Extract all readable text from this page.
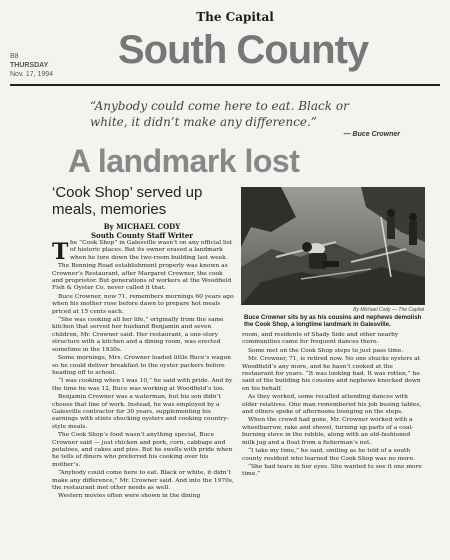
The Capital
B8
THURSDAY
Nov. 17, 1994
South County
“Anybody could come here to eat. Black or white, it didn’t make any difference.”
— Buce Crowner
A landmark lost
‘Cook Shop’ served up meals, memories
By MICHAEL CODY
South County Staff Writer
T he “Cook Shop” in Galesville wasn’t on any official list of historic places. But its owner erased a landmark when he tore down the two-room building last week.

The Benning Road establishment properly was known as Crowner’s Restaurant, after Margaret Crowner, the cook and proprietor. But generations of workers at the Woodfield Fish & Oyster Co. never called it that.

Buce Crowner, now 71, remembers mornings 60 years ago when his mother rose before dawn to prepare hot meals priced at 15 cents each.

“She was cooking all her life,” originally from the same kitchen that served her husband Benjamin and seven children, Mr. Crowner said. Her restaurant, a one-story structure with a kitchen and a dining room, was erected sometime in the 1930s.

Some mornings, Mrs. Crowner loaded little Buce’s wagon so he could deliver breakfast to the oyster packers before heading off to school.

“I was cooking when I was 10,” he said with pride. And by the time he was 12, Buce was working at Woodfield’s too.

Benjamin Crowner was a waterman, but his son didn’t choose that line of work. Instead, he was employed by a Galesville contractor for 30 years, supplementing his earnings with stints shucking oysters and cooking country-style meals.

The Cook Shop’s food wasn’t anything special, Buce Crowner said — just chicken and pork, corn, cabbage and potatoes, and cakes and pies. But he swells with pride when he tells of diners who preferred his cooking over his mother’s.

“Anybody could come here to eat. Black or white, it didn’t make any difference,” Mr. Crowner said. And into the 1970s, the restaurant met other needs as well.

Western movies often were shown in the dining

By Michael Cody — The Capital
Buce Crowner sits by as his cousins and nephews demolish the Cook Shop, a longtime landmark in Galesville.

room, and residents of Shady Side and other nearby communities came for frequent dances there.

Some met on the Cook Shop steps to just pass time.

Mr. Crowner, 71, is retired now. No one shucks oysters at Woodfield’s any more, and he hasn’t cooked at the restaurant for years. “It was looking bad. It was rotten,” he said of the building his cousins and nephews knocked down on his behalf.

As they worked, some recalled attending dances with older relatives. One man remembered his job busing tables, and others spoke of afternoons lounging on the steps.

When the crowd had gone, Mr. Crowner worked with a wheelbarrow, rake and shovel, turning up parts of a coal-burning stove in the rubble, along with an old-fashioned milk jug and a float from a fisherman’s net.

“I take my time,” he said, smiling as he told of a south county resident who learned the Cook Shop was no more.

“She had tears in her eyes. She wanted to see it one more time.”
